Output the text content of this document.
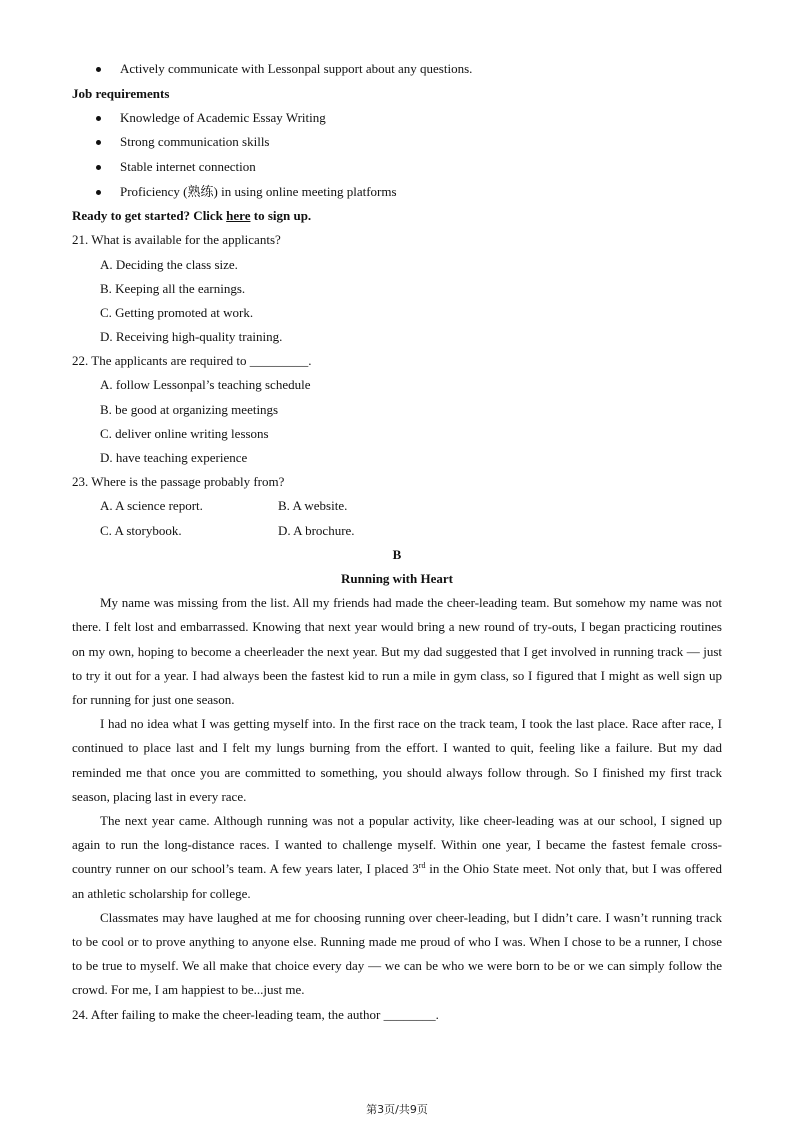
Actively communicate with Lessonpal support about any questions.
Job requirements
Knowledge of Academic Essay Writing
Strong communication skills
Stable internet connection
Proficiency (熟练) in using online meeting platforms
Ready to get started? Click here to sign up.
21. What is available for the applicants?
A. Deciding the class size.
B. Keeping all the earnings.
C. Getting promoted at work.
D. Receiving high-quality training.
22. The applicants are required to _________.
A. follow Lessonpal’s teaching schedule
B. be good at organizing meetings
C. deliver online writing lessons
D. have teaching experience
23. Where is the passage probably from?
A. A science report.	B. A website.
C. A storybook.	D. A brochure.
B
Running with Heart

My name was missing from the list. All my friends had made the cheer-leading team. But somehow my name was not there. I felt lost and embarrassed. Knowing that next year would bring a new round of try-outs, I began practicing routines on my own, hoping to become a cheerleader the next year. But my dad suggested that I get involved in running track — just to try it out for a year. I had always been the fastest kid to run a mile in gym class, so I figured that I might as well sign up for running for just one season.

I had no idea what I was getting myself into. In the first race on the track team, I took the last place. Race after race, I continued to place last and I felt my lungs burning from the effort. I wanted to quit, feeling like a failure. But my dad reminded me that once you are committed to something, you should always follow through. So I finished my first track season, placing last in every race.

The next year came. Although running was not a popular activity, like cheer-leading was at our school, I signed up again to run the long-distance races. I wanted to challenge myself. Within one year, I became the fastest female cross-country runner on our school’s team. A few years later, I placed 3rd in the Ohio State meet. Not only that, but I was offered an athletic scholarship for college.

Classmates may have laughed at me for choosing running over cheer-leading, but I didn’t care. I wasn’t running track to be cool or to prove anything to anyone else. Running made me proud of who I was. When I chose to be a runner, I chose to be true to myself. We all make that choice every day — we can be who we were born to be or we can simply follow the crowd. For me, I am happiest to be...just me.

24. After failing to make the cheer-leading team, the author ________.
第3页/共9页
